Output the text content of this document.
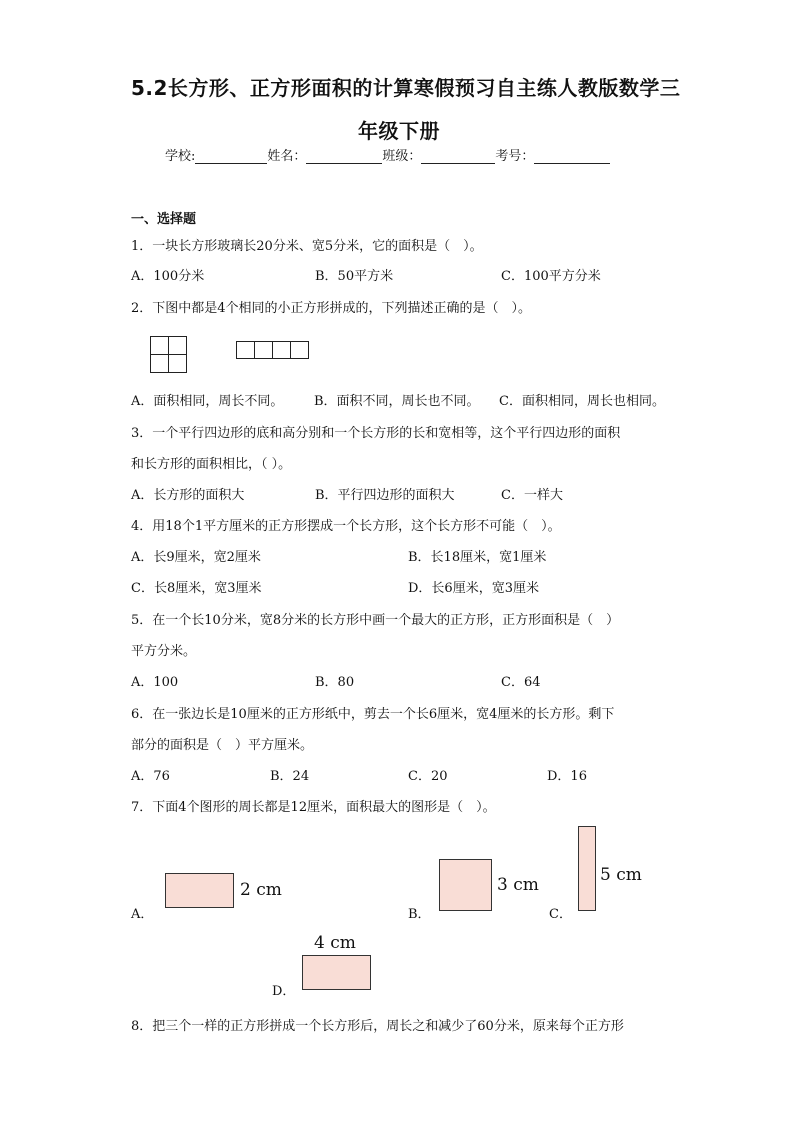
5.2长方形、正方形面积的计算寒假预习自主练人教版数学三
年级下册
学校:	姓名：	班级：	考号：
一、选择题
1．一块长方形玻璃长20分米、宽5分米，它的面积是（　）。
A．100分米	B．50平方米	C．100平方分米
2．下图中都是4个相同的小正方形拼成的，下列描述正确的是（　）。
A．面积相同，周长不同。 B．面积不同，周长也不同。 C．面积相同，周长也相同。
3．一个平行四边形的底和高分别和一个长方形的长和宽相等，这个平行四边形的面积
和长方形的面积相比，（ ）。
A．长方形的面积大	B．平行四边形的面积大	C．一样大
4．用18个1平方厘米的正方形摆成一个长方形，这个长方形不可能（　）。
A．长9厘米，宽2厘米	B．长18厘米，宽1厘米
C．长8厘米，宽3厘米	D．长6厘米，宽3厘米
5．在一个长10分米，宽8分米的长方形中画一个最大的正方形，正方形面积是（　）
平方分米。
A．100	B．80	C．64
6．在一张边长是10厘米的正方形纸中，剪去一个长6厘米，宽4厘米的长方形。剩下
部分的面积是（　）平方厘米。
A．76	B．24	C．20	D．16
7．下面4个图形的周长都是12厘米，面积最大的图形是（　）。
A．
2 cm
B．
3 cm
C．
5 cm
4 cm
D．
8．把三个一样的正方形拼成一个长方形后，周长之和减少了60分米，原来每个正方形
